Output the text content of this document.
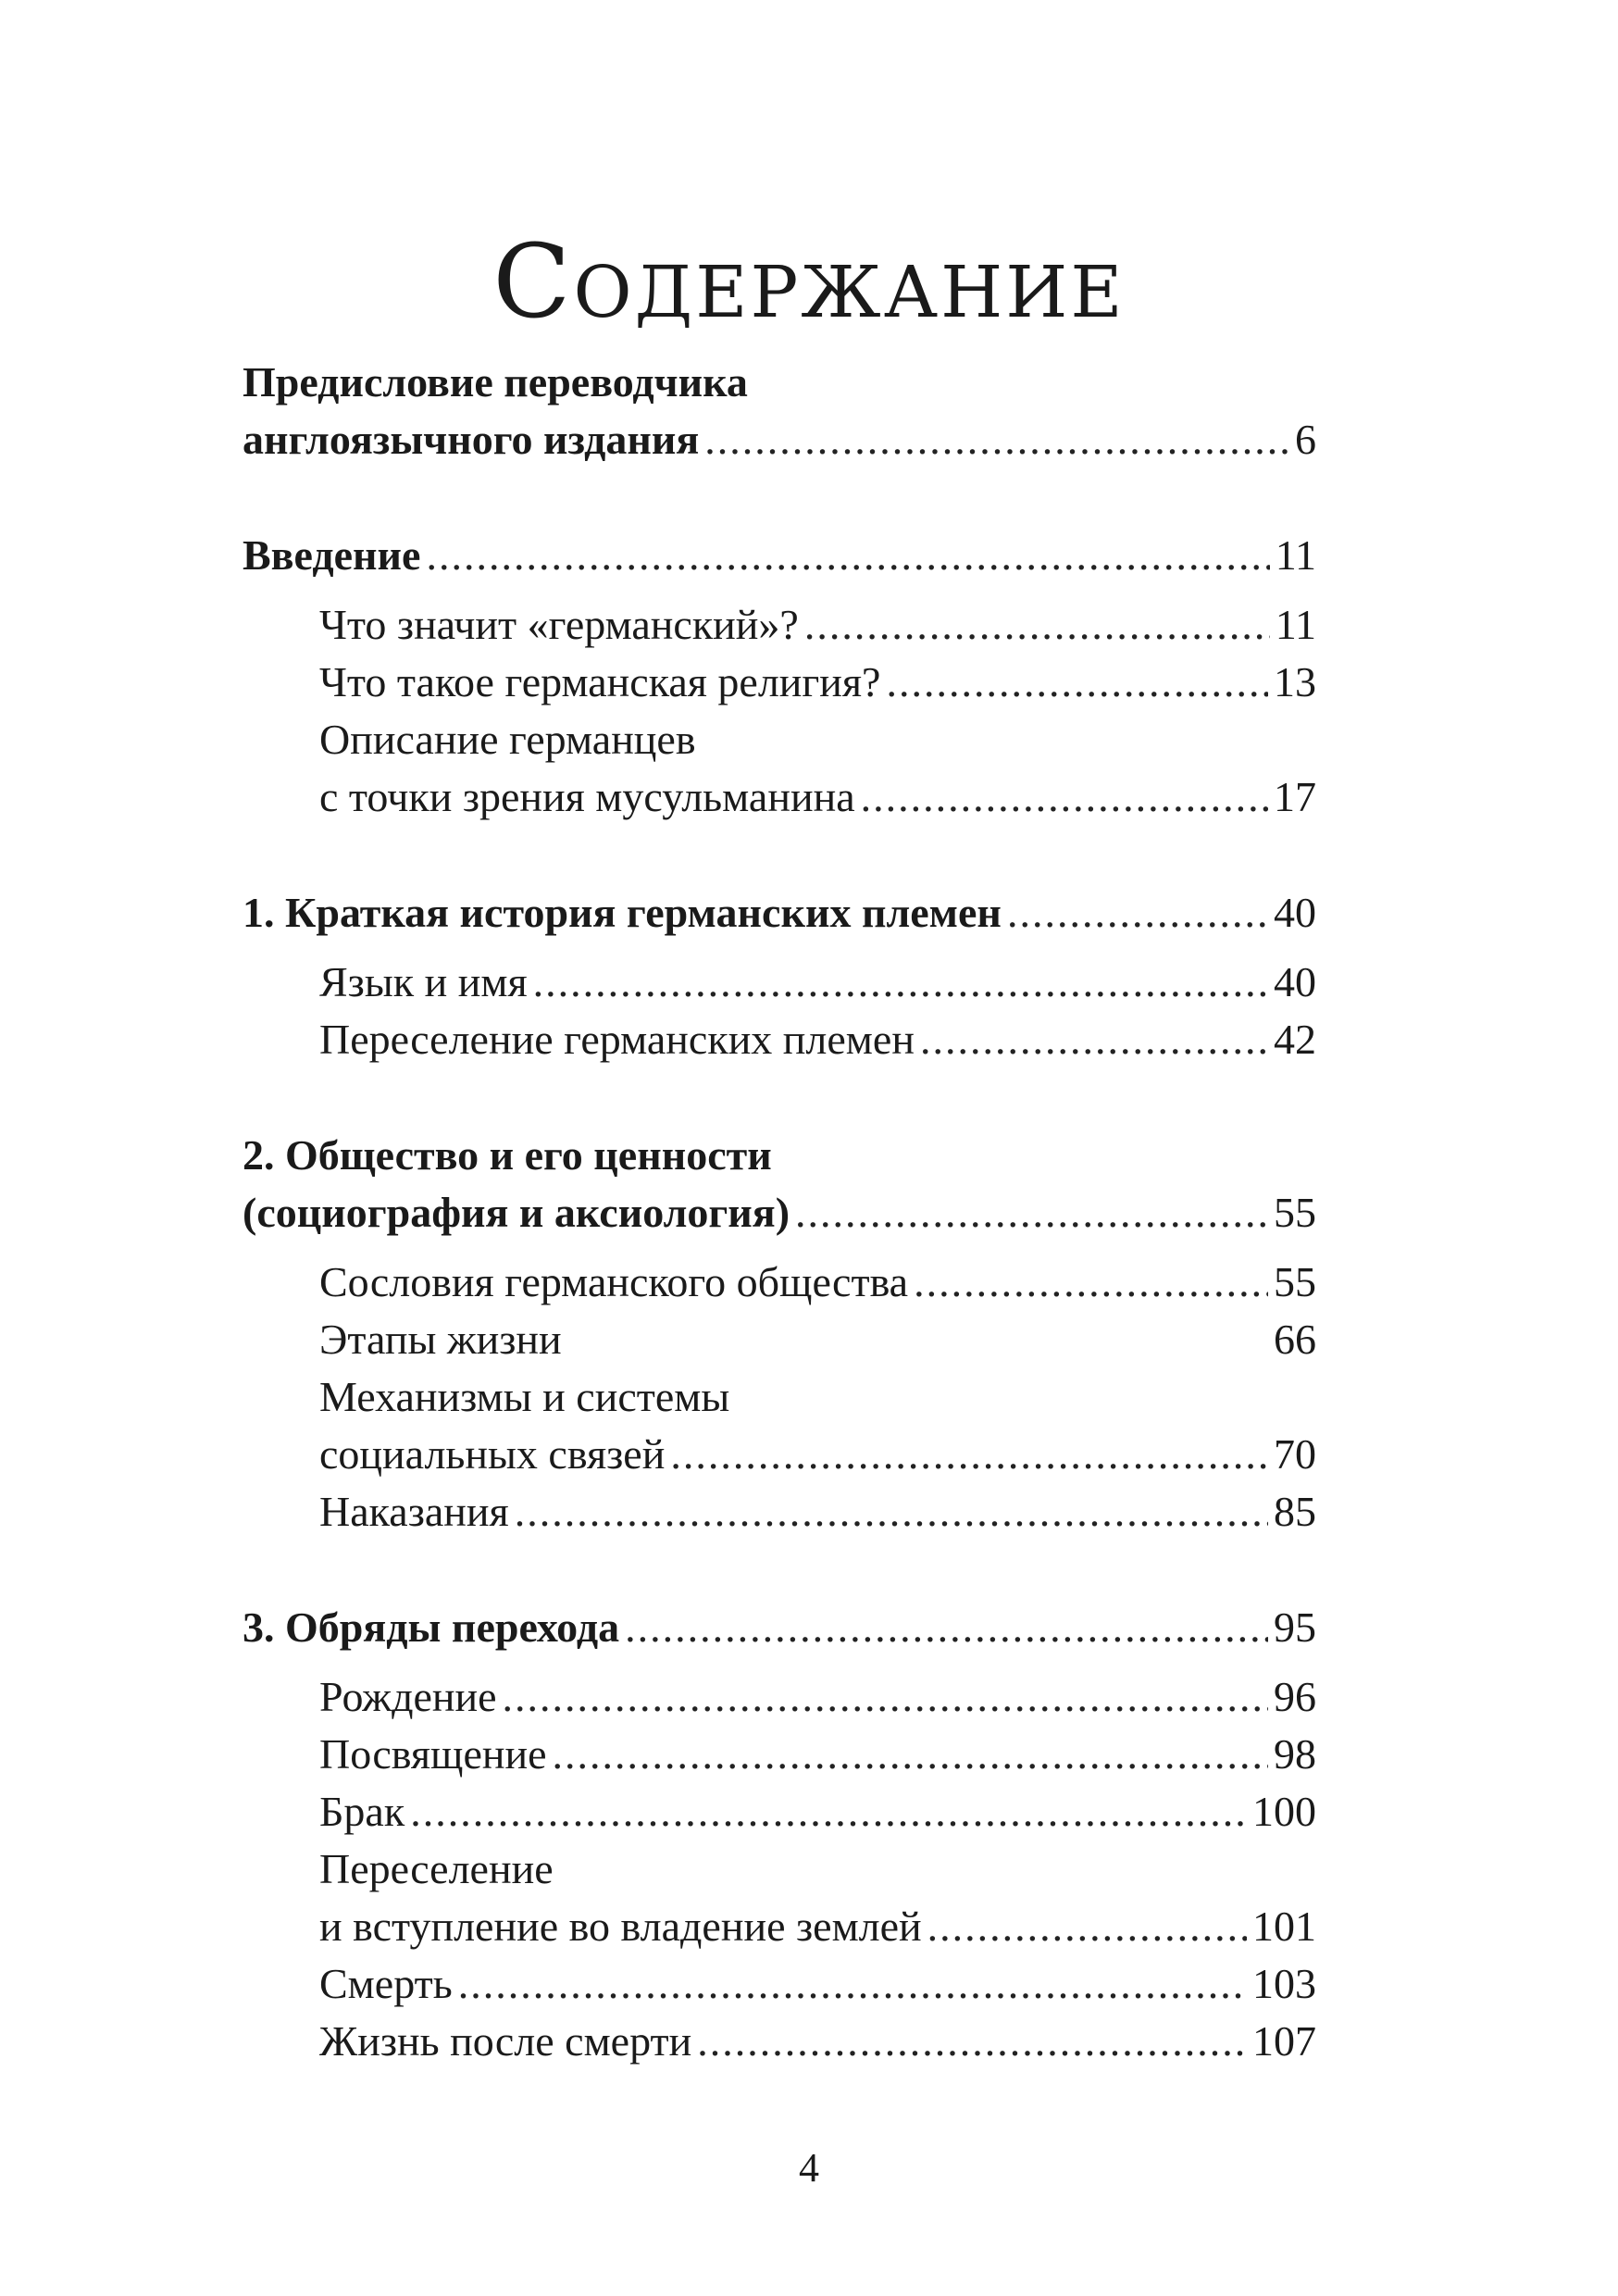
Содержание
Предисловие переводчика
англоязычного издания .....	6
Введение .....	11
Что значит «германский»? .....	11
Что такое германская религия? .....	13
Описание германцев
с точки зрения мусульманина .....	17
1. Краткая история германских племен .....	40
Язык и имя .....	40
Переселение германских племен .....	42
2. Общество и его ценности
(социография и аксиология) .....	55
Сословия германского общества .....	55
Этапы жизни	66
Механизмы и системы
социальных связей .....	70
Наказания .....	85
3. Обряды перехода .....	95
Рождение .....	96
Посвящение .....	98
Брак .....	100
Переселение
и вступление во владение землей .....	101
Смерть .....	103
Жизнь после смерти .....	107
4
